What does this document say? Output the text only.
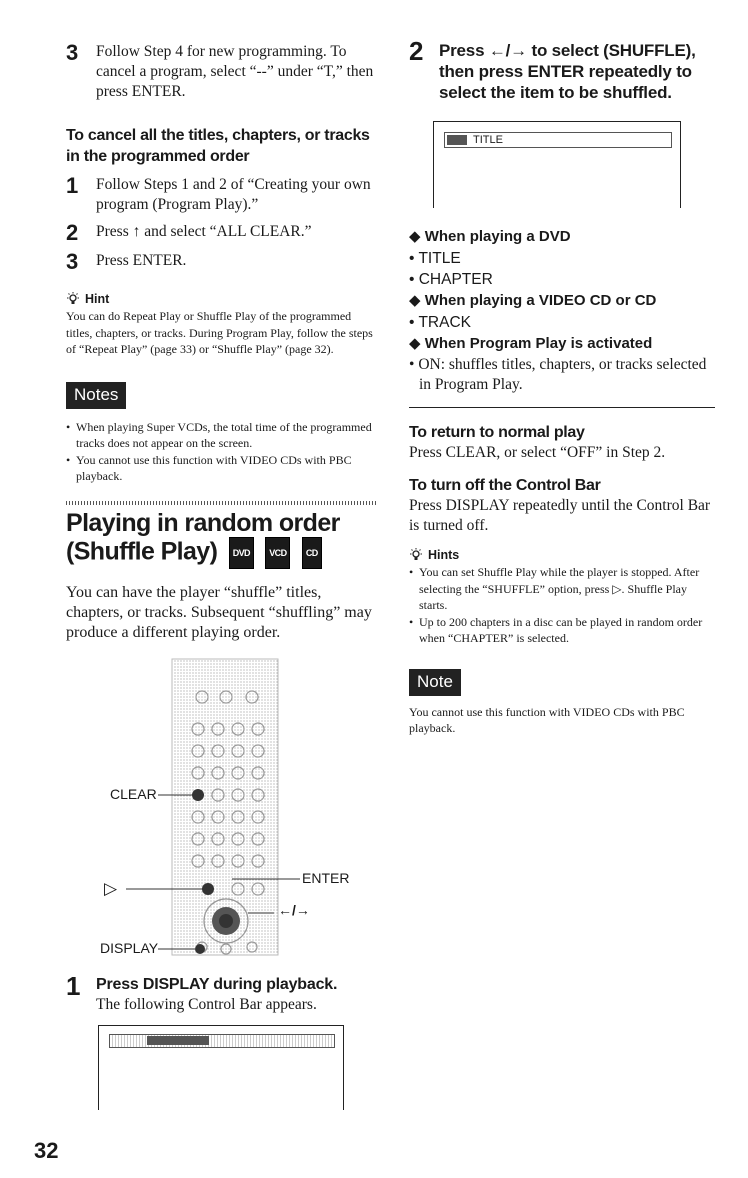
3	Follow Step 4 for new programming. To cancel a program, select “--” under “T,” then press ENTER.
To cancel all the titles, chapters, or tracks in the programmed order
1	Follow Steps 1 and 2 of “Creating your own program (Program Play).”
2	Press ↑ and select “ALL CLEAR.”
3	Press ENTER.
Hint
You can do Repeat Play or Shuffle Play of the programmed titles, chapters, or tracks. During Program Play, follow the steps of “Repeat Play” (page 33) or “Shuffle Play” (page 32).
Notes
• When playing Super VCDs, the total time of the programmed tracks does not appear on the screen.
• You cannot use this function with VIDEO CDs with PBC playback.
Playing in random order (Shuffle Play) DVD VCD CD
You can have the player “shuffle” titles, chapters, or tracks. Subsequent “shuffling” may produce a different playing order.
CLEAR
▷
DISPLAY
ENTER
←/→
1 Press DISPLAY during playback.
The following Control Bar appears.
2 Press ←/→ to select (SHUFFLE), then press ENTER repeatedly to select the item to be shuffled.
TITLE
◆ When playing a DVD
• TITLE
• CHAPTER
◆ When playing a VIDEO CD or CD
• TRACK
◆ When Program Play is activated
• ON: shuffles titles, chapters, or tracks selected in Program Play.
To return to normal play
Press CLEAR, or select “OFF” in Step 2.
To turn off the Control Bar
Press DISPLAY repeatedly until the Control Bar is turned off.
Hints
• You can set Shuffle Play while the player is stopped. After selecting the “SHUFFLE” option, press ▷. Shuffle Play starts.
• Up to 200 chapters in a disc can be played in random order when “CHAPTER” is selected.
Note
You cannot use this function with VIDEO CDs with PBC playback.
32
